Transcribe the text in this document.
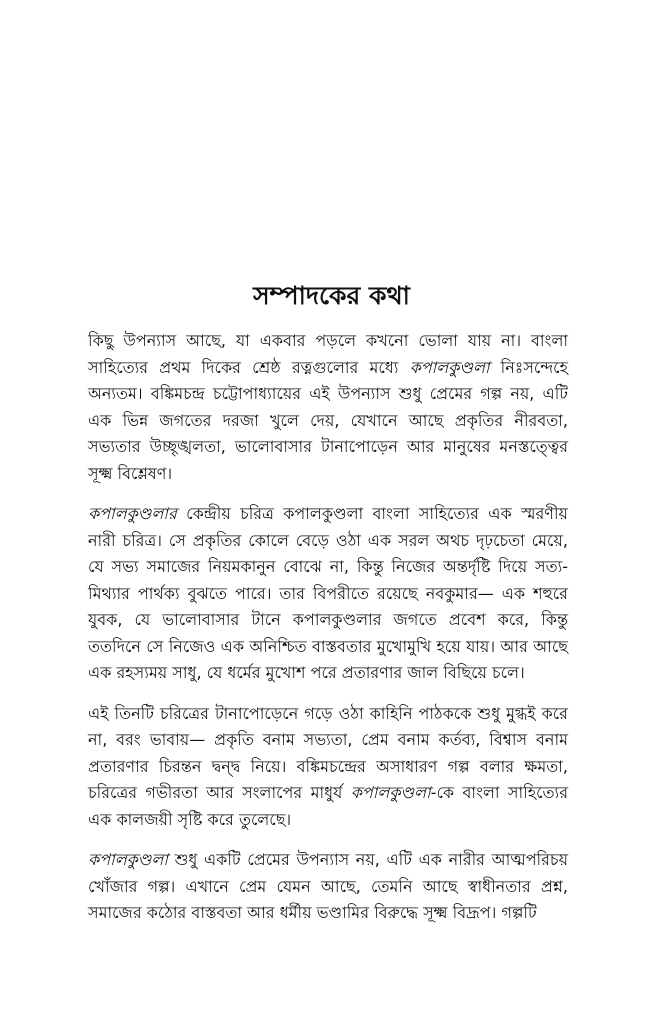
সম্পাদকের কথা

কিছু উপন্যাস আছে, যা একবার পড়লে কখনো ভোলা যায় না। বাংলা সাহিত্যের প্রথম দিকের শ্রেষ্ঠ রত্নগুলোর মধ্যে কপালকুণ্ডলা নিঃসন্দেহে অন্যতম। বঙ্কিমচন্দ্র চট্টোপাধ্যায়ের এই উপন্যাস শুধু প্রেমের গল্প নয়, এটি এক ভিন্ন জগতের দরজা খুলে দেয়, যেখানে আছে প্রকৃতির নীরবতা, সভ্যতার উচ্ছৃঙ্খলতা, ভালোবাসার টানাপোড়েন আর মানুষের মনস্তত্ত্বের সূক্ষ্ম বিশ্লেষণ।

কপালকুণ্ডলার কেন্দ্রীয় চরিত্র কপালকুণ্ডলা বাংলা সাহিত্যের এক স্মরণীয় নারী চরিত্র। সে প্রকৃতির কোলে বেড়ে ওঠা এক সরল অথচ দৃঢ়চেতা মেয়ে, যে সভ্য সমাজের নিয়মকানুন বোঝে না, কিন্তু নিজের অন্তর্দৃষ্টি দিয়ে সত্য-মিথ্যার পার্থক্য বুঝতে পারে। তার বিপরীতে রয়েছে নবকুমার— এক শহুরে যুবক, যে ভালোবাসার টানে কপালকুণ্ডলার জগতে প্রবেশ করে, কিন্তু ততদিনে সে নিজেও এক অনিশ্চিত বাস্তবতার মুখোমুখি হয়ে যায়। আর আছে এক রহস্যময় সাধু, যে ধর্মের মুখোশ পরে প্রতারণার জাল বিছিয়ে চলে।

এই তিনটি চরিত্রের টানাপোড়েনে গড়ে ওঠা কাহিনি পাঠককে শুধু মুগ্ধই করে না, বরং ভাবায়— প্রকৃতি বনাম সভ্যতা, প্রেম বনাম কর্তব্য, বিশ্বাস বনাম প্রতারণার চিরন্তন দ্বন্দ্ব নিয়ে। বঙ্কিমচন্দ্রের অসাধারণ গল্প বলার ক্ষমতা, চরিত্রের গভীরতা আর সংলাপের মাধুর্য কপালকুণ্ডলা-কে বাংলা সাহিত্যের এক কালজয়ী সৃষ্টি করে তুলেছে।

কপালকুণ্ডলা শুধু একটি প্রেমের উপন্যাস নয়, এটি এক নারীর আত্মপরিচয় খোঁজার গল্প। এখানে প্রেম যেমন আছে, তেমনি আছে স্বাধীনতার প্রশ্ন, সমাজের কঠোর বাস্তবতা আর ধর্মীয় ভণ্ডামির বিরুদ্ধে সূক্ষ্ম বিদ্রূপ। গল্পটি
